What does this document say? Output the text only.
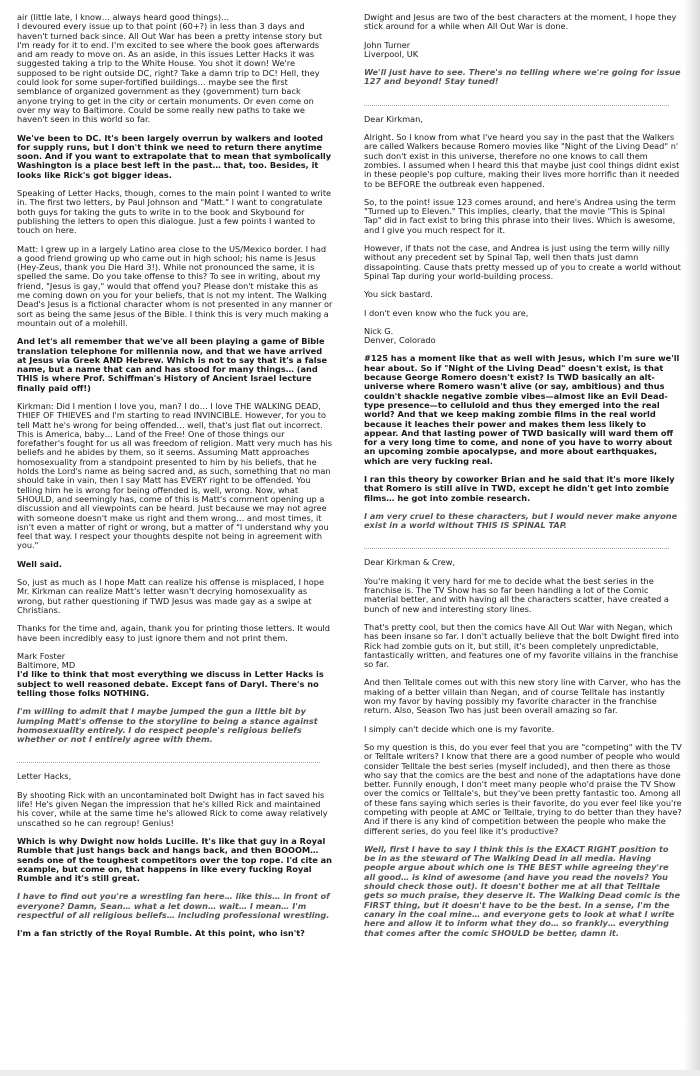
air (little late, I know… always heard good things)…
I devoured every issue up to that point (60+?) in less than 3 days and haven't turned back since. All Out War has been a pretty intense story but I'm ready for it to end. I'm excited to see where the book goes afterwards and am ready to move on. As an aside, in this issues Letter Hacks it was suggested taking a trip to the White House. You shot it down! We're supposed to be right outside DC, right? Take a damn trip to DC! Hell, they could look for some super-fortified buildings… maybe see the first semblance of organized government as they (government) turn back anyone trying to get in the city or certain monuments. Or even come on over my way to Baltimore. Could be some really new paths to take we haven't seen in this world so far.

We've been to DC. It's been largely overrun by walkers and looted for supply runs, but I don't think we need to return there anytime soon. And if you want to extrapolate that to mean that symbolically Washington is a place best left in the past… that, too. Besides, it looks like Rick's got bigger ideas.

Speaking of Letter Hacks, though, comes to the main point I wanted to write in. The first two letters, by Paul Johnson and "Matt." I want to congratulate both guys for taking the guts to write in to the book and Skybound for publishing the letters to open this dialogue. Just a few points I wanted to touch on here.

Matt: I grew up in a largely Latino area close to the US/Mexico border. I had a good friend growing up who came out in high school; his name is Jesus (Hey-Zeus, thank you Die Hard 3!). While not pronounced the same, it is spelled the same. Do you take offense to this? To see in writing, about my friend, "Jesus is gay," would that offend you? Please don't mistake this as me coming down on you for your beliefs, that is not my intent. The Walking Dead's Jesus is a fictional character whom is not presented in any manner or sort as being the same Jesus of the Bible. I think this is very much making a mountain out of a molehill.

And let's all remember that we've all been playing a game of Bible translation telephone for millennia now, and that we have arrived at Jesus via Greek AND Hebrew. Which is not to say that it's a false name, but a name that can and has stood for many things… (and THIS is where Prof. Schiffman's History of Ancient Israel lecture finally paid off!)

Kirkman: Did I mention I love you, man? I do… I love THE WALKING DEAD, THIEF OF THIEVES and I'm starting to read INVINCIBLE. However, for you to tell Matt he's wrong for being offended… well, that's just flat out incorrect. This is America, baby… Land of the Free! One of those things our forefather's fought for us all was freedom of religion. Matt very much has his beliefs and he abides by them, so it seems. Assuming Matt approaches homosexuality from a standpoint presented to him by his beliefs, that he holds the Lord's name as being sacred and, as such, something that no man should take in vain, then I say Matt has EVERY right to be offended. You telling him he is wrong for being offended is, well, wrong. Now, what SHOULD, and seemingly has, come of this is Matt's comment opening up a discussion and all viewpoints can be heard. Just because we may not agree with someone doesn't make us right and them wrong… and most times, it isn't even a matter of right or wrong, but a matter of "I understand why you feel that way. I respect your thoughts despite not being in agreement with you."

Well said.

So, just as much as I hope Matt can realize his offense is misplaced, I hope Mr. Kirkman can realize Matt's letter wasn't decrying homosexuality as wrong, but rather questioning if TWD Jesus was made gay as a swipe at Christians.

Thanks for the time and, again, thank you for printing those letters. It would have been incredibly easy to just ignore them and not print them.

Mark Foster
Baltimore, MD

I'd like to think that most everything we discuss in Letter Hacks is subject to well reasoned debate. Except fans of Daryl. There's no telling those folks NOTHING.

I'm willing to admit that I maybe jumped the gun a little bit by lumping Matt's offense to the storyline to being a stance against homosexuality entirely. I do respect people's religious beliefs whether or not I entirely agree with them.

Letter Hacks,

By shooting Rick with an uncontaminated bolt Dwight has in fact saved his life! He's given Negan the impression that he's killed Rick and maintained his cover, while at the same time he's allowed Rick to come away relatively unscathed so he can regroup! Genius!

Which is why Dwight now holds Lucille. It's like that guy in a Royal Rumble that just hangs back and hangs back, and then BOOOM… sends one of the toughest competitors over the top rope. I'd cite an example, but come on, that happens in like every fucking Royal Rumble and it's still great.

I have to find out you're a wrestling fan here… like this… in front of everyone? Damn, Sean… what a let down… wait… I mean… I'm respectful of all religious beliefs… including professional wrestling.

I'm a fan strictly of the Royal Rumble. At this point, who isn't?

Dwight and Jesus are two of the best characters at the moment, I hope they stick around for a while when All Out War is done.

John Turner
Liverpool, UK

We'll just have to see. There's no telling where we're going for issue 127 and beyond! Stay tuned!

Dear Kirkman,

Alright. So I know from what I've heard you say in the past that the Walkers are called Walkers because Romero movies like "Night of the Living Dead" n' such don't exist in this universe, therefore no one knows to call them zombies. I assumed when I heard this that maybe just cool things didnt exist in these people's pop culture, making their lives more horrific than it needed to be BEFORE the outbreak even happened.

So, to the point! issue 123 comes around, and here's Andrea using the term "Turned up to Eleven." This implies, clearly, that the movie "This is Spinal Tap" did in fact exist to bring this phrase into their lives. Which is awesome, and I give you much respect for it.

However, if thats not the case, and Andrea is just using the term willy nilly without any precedent set by Spinal Tap, well then thats just damn dissapointing. Cause thats pretty messed up of you to create a world without Spinal Tap during your world-building process.

You sick bastard.

I don't even know who the fuck you are,

Nick G.
Denver, Colorado

#125 has a moment like that as well with Jesus, which I'm sure we'll hear about. So if "Night of the Living Dead" doesn't exist, is that because George Romero doesn't exist? Is TWD basically an alt-universe where Romero wasn't alive (or say, ambitious) and thus couldn't shackle negative zombie vibes—almost like an Evil Dead-type presence—to celluloid and thus they emerged into the real world? And that we keep making zombie films in the real world because it leaches their power and makes them less likely to appear. And that lasting power of TWD basically will ward them off for a very long time to come, and none of you have to worry about an upcoming zombie apocalypse, and more about earthquakes, which are very fucking real.

I ran this theory by coworker Brian and he said that it's more likely that Romero is still alive in TWD, except he didn't get into zombie films… he got into zombie research.

I am very cruel to these characters, but I would never make anyone exist in a world without THIS IS SPINAL TAP.

Dear Kirkman & Crew,

You're making it very hard for me to decide what the best series in the franchise is. The TV Show has so far been handling a lot of the Comic material better, and with having all the characters scatter, have created a bunch of new and interesting story lines.

That's pretty cool, but then the comics have All Out War with Negan, which has been insane so far. I don't actually believe that the bolt Dwight fired into Rick had zombie guts on it, but still, it's been completely unpredictable, fantastically written, and features one of my favorite villains in the franchise so far.

And then Telltale comes out with this new story line with Carver, who has the making of a better villain than Negan, and of course Telltale has instantly won my favor by having possibly my favorite character in the franchise return. Also, Season Two has just been overall amazing so far.

I simply can't decide which one is my favorite.

So my question is this, do you ever feel that you are "competing" with the TV or Telltale writers? I know that there are a good number of people who would consider Telltale the best series (myself included), and then there as those who say that the comics are the best and none of the adaptations have done better. Funnily enough, I don't meet many people who'd praise the TV Show over the comics or Telltale's, but they've been pretty fantastic too. Among all of these fans saying which series is their favorite, do you ever feel like you're competing with people at AMC or Telltale, trying to do better than they have? And if there is any kind of competition between the people who make the different series, do you feel like it's productive?

Well, first I have to say I think this is the EXACT RIGHT position to be in as the steward of The Walking Dead in all media. Having people argue about which one is THE BEST while agreeing they're all good… is kind of awesome (and have you read the novels? You should check those out). It doesn't bother me at all that Telltale gets so much praise, they deserve it. The Walking Dead comic is the FIRST thing, but it doesn't have to be the best. In a sense, I'm the canary in the coal mine… and everyone gets to look at what I write here and allow it to inform what they do… so frankly… everything that comes after the comic SHOULD be better, damn it.
